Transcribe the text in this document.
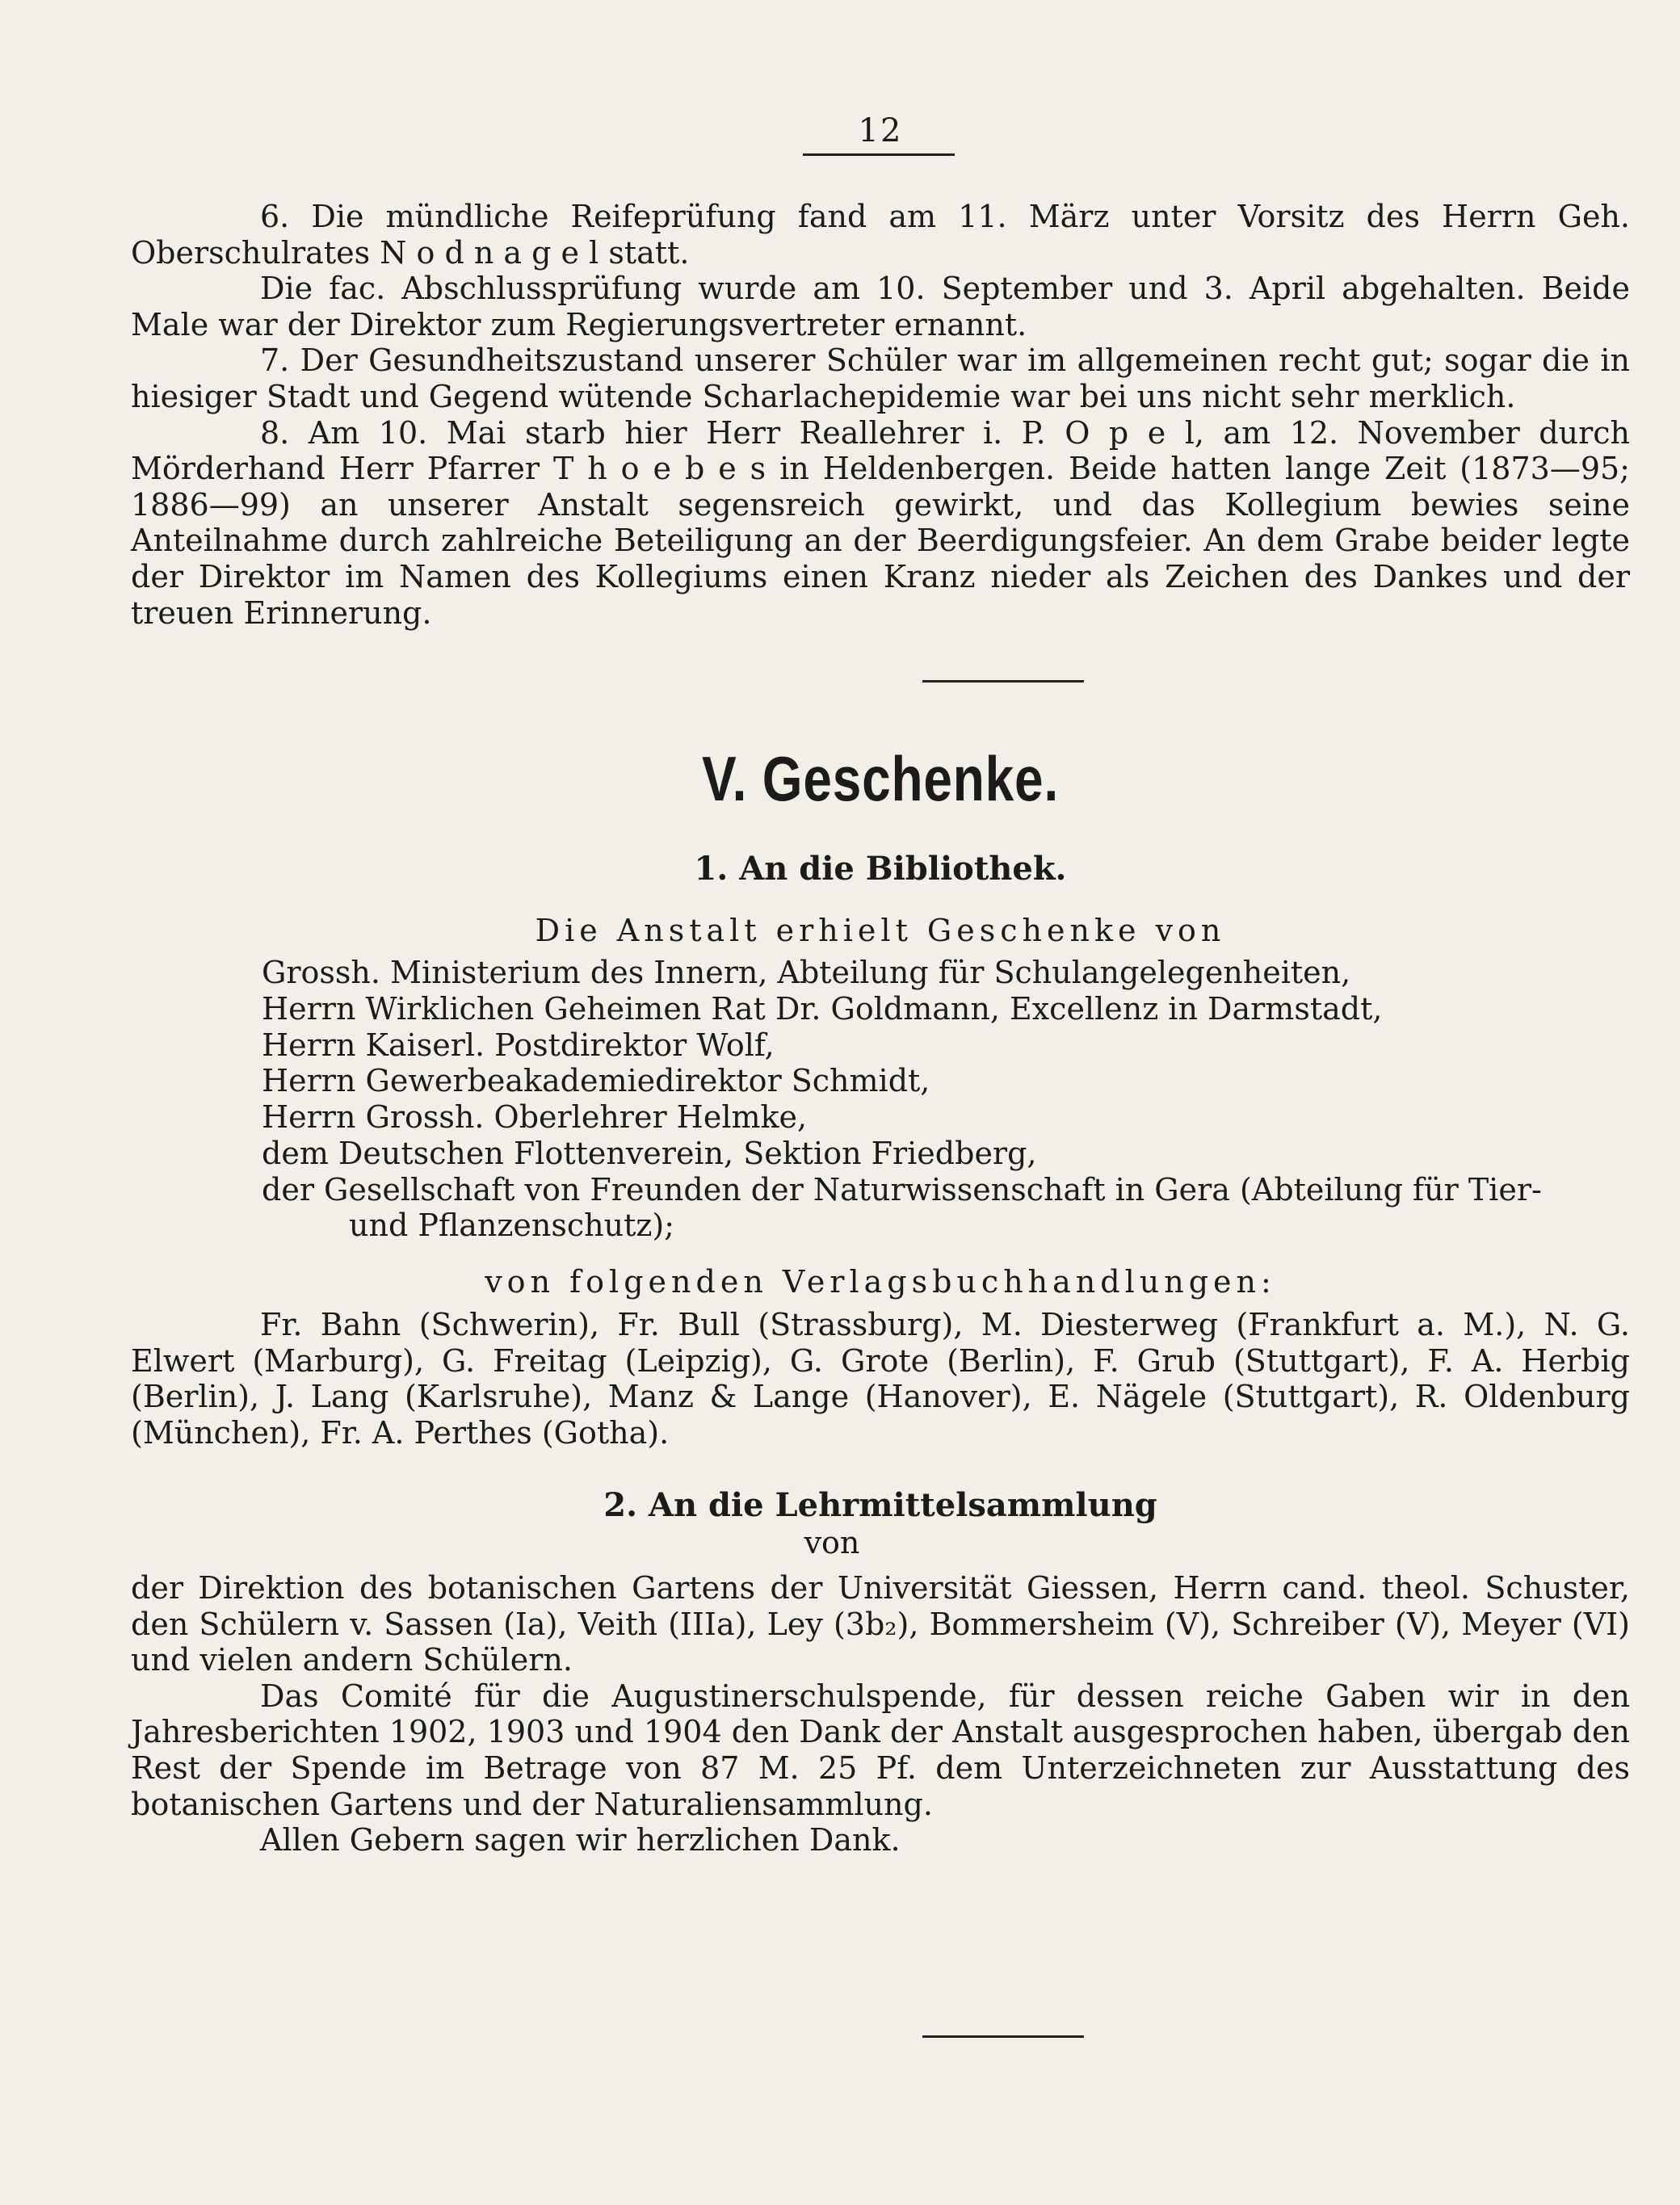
12

6. Die mündliche Reifeprüfung fand am 11. März unter Vorsitz des Herrn Geh. Oberschulrates N o d n a g e l statt.

Die fac. Abschlussprüfung wurde am 10. September und 3. April abgehalten. Beide Male war der Direktor zum Regierungsvertreter ernannt.

7. Der Gesundheitszustand unserer Schüler war im allgemeinen recht gut; sogar die in hiesiger Stadt und Gegend wütende Scharlachepidemie war bei uns nicht sehr merklich.

8. Am 10. Mai starb hier Herr Reallehrer i. P. O p e l, am 12. November durch Mörderhand Herr Pfarrer T h o e b e s in Heldenbergen. Beide hatten lange Zeit (1873—95; 1886—99) an unserer Anstalt segensreich gewirkt, und das Kollegium bewies seine Anteilnahme durch zahlreiche Beteiligung an der Beerdigungsfeier. An dem Grabe beider legte der Direktor im Namen des Kollegiums einen Kranz nieder als Zeichen des Dankes und der treuen Erinnerung.

V. Geschenke.
1. An die Bibliothek.
Die Anstalt erhielt Geschenke von
Grossh. Ministerium des Innern, Abteilung für Schulangelegenheiten,
Herrn Wirklichen Geheimen Rat Dr. Goldmann, Excellenz in Darmstadt,
Herrn Kaiserl. Postdirektor Wolf,
Herrn Gewerbeakademiedirektor Schmidt,
Herrn Grossh. Oberlehrer Helmke,
dem Deutschen Flottenverein, Sektion Friedberg,
der Gesellschaft von Freunden der Naturwissenschaft in Gera (Abteilung für Tier-
und Pflanzenschutz);
von folgenden Verlagsbuchhandlungen:

Fr. Bahn (Schwerin), Fr. Bull (Strassburg), M. Diesterweg (Frankfurt a. M.), N. G. Elwert (Marburg), G. Freitag (Leipzig), G. Grote (Berlin), F. Grub (Stuttgart), F. A. Herbig (Berlin), J. Lang (Karlsruhe), Manz & Lange (Hanover), E. Nägele (Stuttgart), R. Oldenburg (München), Fr. A. Perthes (Gotha).

2. An die Lehrmittelsammlung
von

der Direktion des botanischen Gartens der Universität Giessen, Herrn cand. theol. Schuster, den Schülern v. Sassen (Ia), Veith (IIIa), Ley (3b₂), Bommersheim (V), Schreiber (V), Meyer (VI) und vielen andern Schülern.

Das Comité für die Augustinerschulspende, für dessen reiche Gaben wir in den Jahresberichten 1902, 1903 und 1904 den Dank der Anstalt ausgesprochen haben, übergab den Rest der Spende im Betrage von 87 M. 25 Pf. dem Unterzeichneten zur Ausstattung des botanischen Gartens und der Naturaliensammlung.

Allen Gebern sagen wir herzlichen Dank.
